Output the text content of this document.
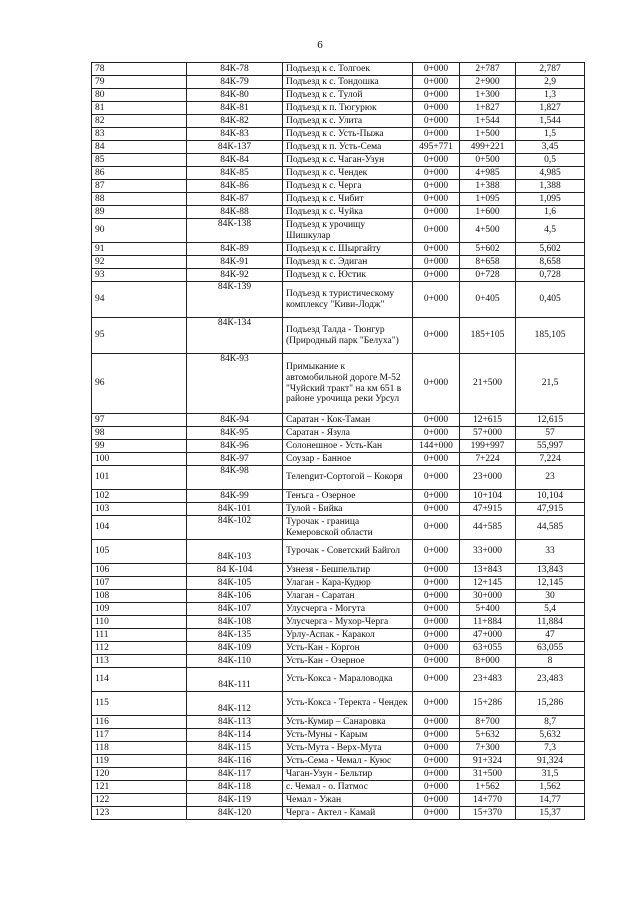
6
78	84К-78	Подъезд к с. Толгоек	0+000	2+787	2,787
79	84К-79	Подъезд к с. Тондошка	0+000	2+900	2,9
80	84К-80	Подъезд к с. Тулой	0+000	1+300	1,3
81	84К-81	Подъезд к п. Тюгурюк	0+000	1+827	1,827
82	84К-82	Подъезд к с. Улита	0+000	1+544	1,544
83	84К-83	Подъезд к с. Усть-Пыжа	0+000	1+500	1,5
84	84К-137	Подъезд к п. Усть-Сема	495+771	499+221	3,45
85	84К-84	Подъезд к с. Чаган-Узун	0+000	0+500	0,5
86	84К-85	Подъезд к с. Чендек	0+000	4+985	4,985
87	84К-86	Подъезд к с. Черга	0+000	1+388	1,388
88	84К-87	Подъезд к с. Чибит	0+000	1+095	1,095
89	84К-88	Подъезд к с. Чуйка	0+000	1+600	1,6
90	84К-138	Подъезд к урочищу Шишкулар	0+000	4+500	4,5
91	84К-89	Подъезд к с. Шыргайту	0+000	5+602	5,602
92	84К-91	Подъезд к с. Эдиган	0+000	8+658	8,658
93	84К-92	Подъезд к с. Юстик	0+000	0+728	0,728
94	84К-139	Подъезд к туристическому комплексу "Киви-Лодж"	0+000	0+405	0,405
95	84К-134	Подъезд Талда - Тюнгур (Природный парк "Белуха")	0+000	185+105	185,105
96	84К-93	Примыкание к автомобильной дороге М-52 "Чуйский тракт" на км 651 в районе урочища реки Урсул	0+000	21+500	21,5
97	84К-94	Саратан - Кок-Таман	0+000	12+615	12,615
98	84К-95	Саратан - Язула	0+000	57+000	57
99	84К-96	Солонешное - Усть-Кан	144+000	199+997	55,997
100	84К-97	Соузар - Банное	0+000	7+224	7,224
101	84К-98	Телеngит-Сортогой – Кокоря	0+000	23+000	23
102	84К-99	Тенъга - Озерное	0+000	10+104	10,104
103	84К-101	Тулой - Бийка	0+000	47+915	47,915
104	84К-102	Турочак - граница Кемеровской области	0+000	44+585	44,585
105	84К-103	Турочак - Советский Байгол	0+000	33+000	33
106	84 К-104	Узнезя - Бешпельтир	0+000	13+843	13,843
107	84К-105	Улаган - Кара-Кудюр	0+000	12+145	12,145
108	84К-106	Улаган - Саратан	0+000	30+000	30
109	84К-107	Улусчерга - Могута	0+000	5+400	5,4
110	84К-108	Улусчерга - Мухор-Черга	0+000	11+884	11,884
111	84К-135	Урлу-Аспак - Каракол	0+000	47+000	47
112	84К-109	Усть-Кан - Коргон	0+000	63+055	63,055
113	84К-110	Усть-Кан - Озерное	0+000	8+000	8
114	84К-111	Усть-Кокса - Мараловодка	0+000	23+483	23,483
115	84К-112	Усть-Кокса - Теректа - Чендек	0+000	15+286	15,286
116	84К-113	Усть-Кумир – Санаровка	0+000	8+700	8,7
117	84К-114	Усть-Муны - Карым	0+000	5+632	5,632
118	84К-115	Усть-Мута - Верх-Мута	0+000	7+300	7,3
119	84К-116	Усть-Сема - Чемал - Куюс	0+000	91+324	91,324
120	84К-117	Чаган-Узун - Бельтир	0+000	31+500	31,5
121	84К-118	с. Чемал - о. Патмос	0+000	1+562	1,562
122	84К-119	Чемал - Ужан	0+000	14+770	14,77
123	84К-120	Черга - Актел - Камай	0+000	15+370	15,37
